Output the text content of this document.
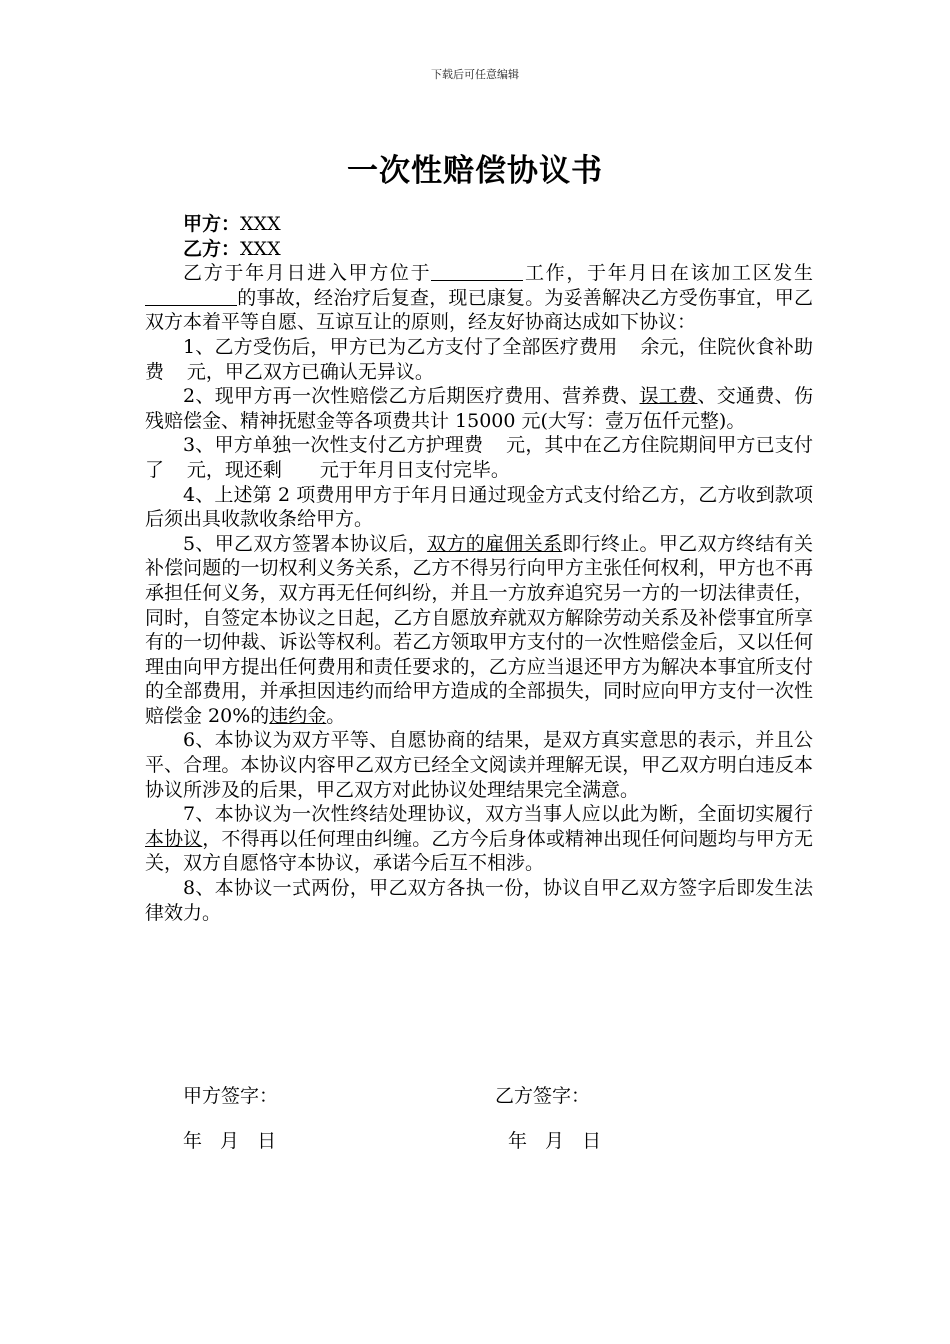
下载后可任意编辑
一次性赔偿协议书
甲方：XXX
乙方：XXX

乙方于年月日进入甲方位于	工作，于年月日在该加工区发生的事故，经治疗后复查，现已康复。为妥善解决乙方受伤事宜，甲乙双方本着平等自愿、互谅互让的原则，经友好协商达成如下协议：

1、乙方受伤后，甲方已为乙方支付了全部医疗费用 余元，住院伙食补助费 元，甲乙双方已确认无异议。

2、现甲方再一次性赔偿乙方后期医疗费用、营养费、误工费、交通费、伤残赔偿金、精神抚慰金等各项费共计 15000 元(大写：壹万伍仟元整)。

3、甲方单独一次性支付乙方护理费 元，其中在乙方住院期间甲方已支付了 元，现还剩 元于年月日支付完毕。

4、上述第 2 项费用甲方于年月日通过现金方式支付给乙方，乙方收到款项后须出具收款收条给甲方。

5、甲乙双方签署本协议后，双方的雇佣关系即行终止。甲乙双方终结有关补偿问题的一切权利义务关系，乙方不得另行向甲方主张任何权利，甲方也不再承担任何义务，双方再无任何纠纷，并且一方放弃追究另一方的一切法律责任，同时，自签定本协议之日起，乙方自愿放弃就双方解除劳动关系及补偿事宜所享有的一切仲裁、诉讼等权利。若乙方领取甲方支付的一次性赔偿金后，又以任何理由向甲方提出任何费用和责任要求的，乙方应当退还甲方为解决本事宜所支付的全部费用，并承担因违约而给甲方造成的全部损失，同时应向甲方支付一次性赔偿金 20%的违约金。

6、本协议为双方平等、自愿协商的结果，是双方真实意思的表示，并且公平、合理。本协议内容甲乙双方已经全文阅读并理解无误，甲乙双方明白违反本协议所涉及的后果，甲乙双方对此协议处理结果完全满意。

7、本协议为一次性终结处理协议，双方当事人应以此为断，全面切实履行本协议，不得再以任何理由纠缠。乙方今后身体或精神出现任何问题均与甲方无关，双方自愿恪守本协议，承诺今后互不相涉。

8、本协议一式两份，甲乙双方各执一份，协议自甲乙双方签字后即发生法律效力。

甲方签字：	乙方签字：
年 月 日	年 月 日
